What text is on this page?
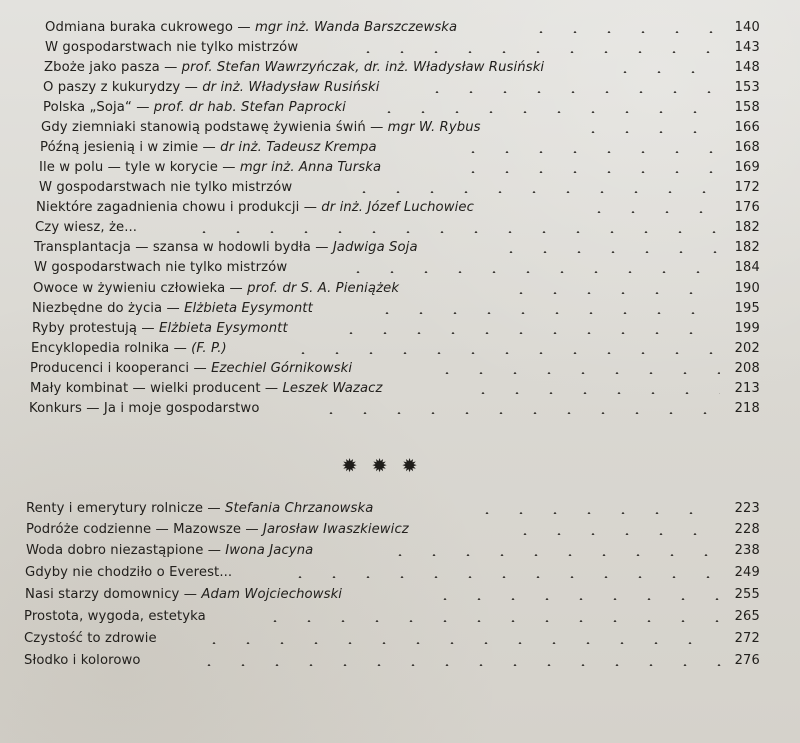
Odmiana buraka cukrowego — mgr inż. Wanda Barszczewska	140
W gospodarstwach nie tylko mistrzów	143
Zboże jako pasza — prof. Stefan Wawrzyńczak, dr. inż. Władysław Rusiński	148
O paszy z kukurydzy — dr inż. Władysław Rusiński	153
Polska „Soja“ — prof. dr hab. Stefan Paprocki	158
Gdy ziemniaki stanowią podstawę żywienia świń — mgr W. Rybus	166
Późną jesienią i w zimie — dr inż. Tadeusz Krempa	168
Ile w polu — tyle w korycie — mgr inż. Anna Turska	169
W gospodarstwach nie tylko mistrzów	172
Niektóre zagadnienia chowu i produkcji — dr inż. Józef Luchowiec	176
Czy wiesz, że...	182
Transplantacja — szansa w hodowli bydła — Jadwiga Soja	182
W gospodarstwach nie tylko mistrzów	184
Owoce w żywieniu człowieka — prof. dr S. A. Pieniążek	190
Niezbędne do życia — Elżbieta Eysymontt	195
Ryby protestują — Elżbieta Eysymontt	199
Encyklopedia rolnika — (F. P.)	202
Producenci i kooperanci — Ezechiel Górnikowski	208
Mały kombinat — wielki producent — Leszek Wazacz	213
Konkurs — Ja i moje gospodarstwo	218
✹ ✹ ✹
Renty i emerytury rolnicze — Stefania Chrzanowska	223
Podróże codzienne — Mazowsze — Jarosław Iwaszkiewicz	228
Woda dobro niezastąpione — Iwona Jacyna	238
Gdyby nie chodziło o Everest...	249
Nasi starzy domownicy — Adam Wojciechowski	255
Prostota, wygoda, estetyka	265
Czystość to zdrowie	272
Słodko i kolorowo	276
